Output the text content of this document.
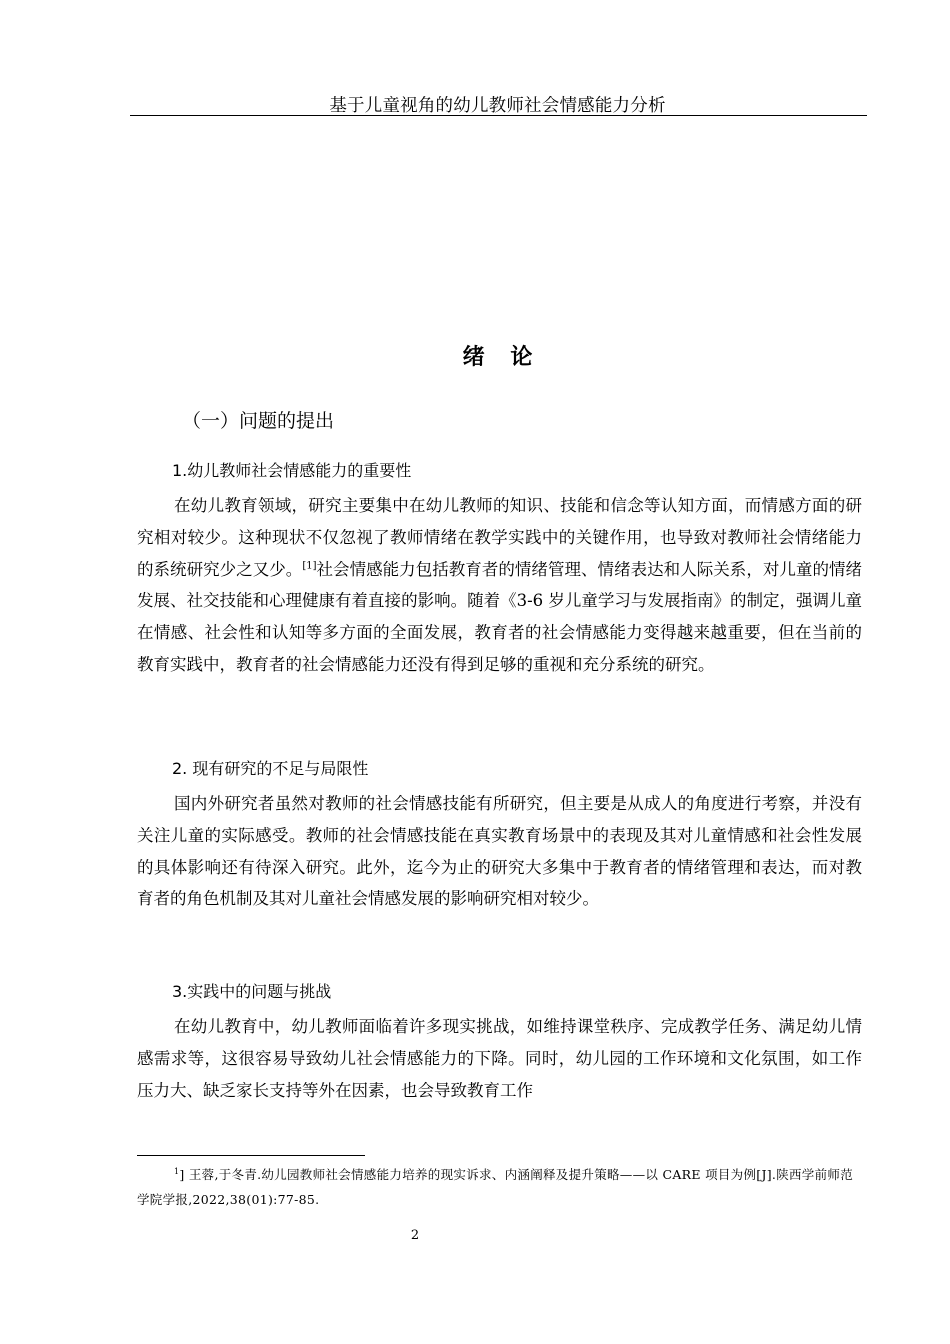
基于儿童视角的幼儿教师社会情感能力分析
绪 论
（一）问题的提出
1.幼儿教师社会情感能力的重要性
在幼儿教育领域，研究主要集中在幼儿教师的知识、技能和信念等认知方面，而情感方面的研究相对较少。这种现状不仅忽视了教师情绪在教学实践中的关键作用，也导致对教师社会情绪能力的系统研究少之又少。[1]社会情感能力包括教育者的情绪管理、情绪表达和人际关系，对儿童的情绪发展、社交技能和心理健康有着直接的影响。随着《3-6 岁儿童学习与发展指南》的制定，强调儿童在情感、社会性和认知等多方面的全面发展，教育者的社会情感能力变得越来越重要，但在当前的教育实践中，教育者的社会情感能力还没有得到足够的重视和充分系统的研究。
2. 现有研究的不足与局限性
国内外研究者虽然对教师的社会情感技能有所研究，但主要是从成人的角度进行考察，并没有关注儿童的实际感受。教师的社会情感技能在真实教育场景中的表现及其对儿童情感和社会性发展的具体影响还有待深入研究。此外，迄今为止的研究大多集中于教育者的情绪管理和表达，而对教育者的角色机制及其对儿童社会情感发展的影响研究相对较少。
3.实践中的问题与挑战
在幼儿教育中，幼儿教师面临着许多现实挑战，如维持课堂秩序、完成教学任务、满足幼儿情感需求等，这很容易导致幼儿社会情感能力的下降。同时，幼儿园的工作环境和文化氛围，如工作压力大、缺乏家长支持等外在因素，也会导致教育工作
$^1$] 王蓉,于冬青.幼儿园教师社会情感能力培养的现实诉求、内涵阐释及提升策略——以 CARE 项目为例[J].陕西学前师范学院学报,2022,38(01):77-85.
2
